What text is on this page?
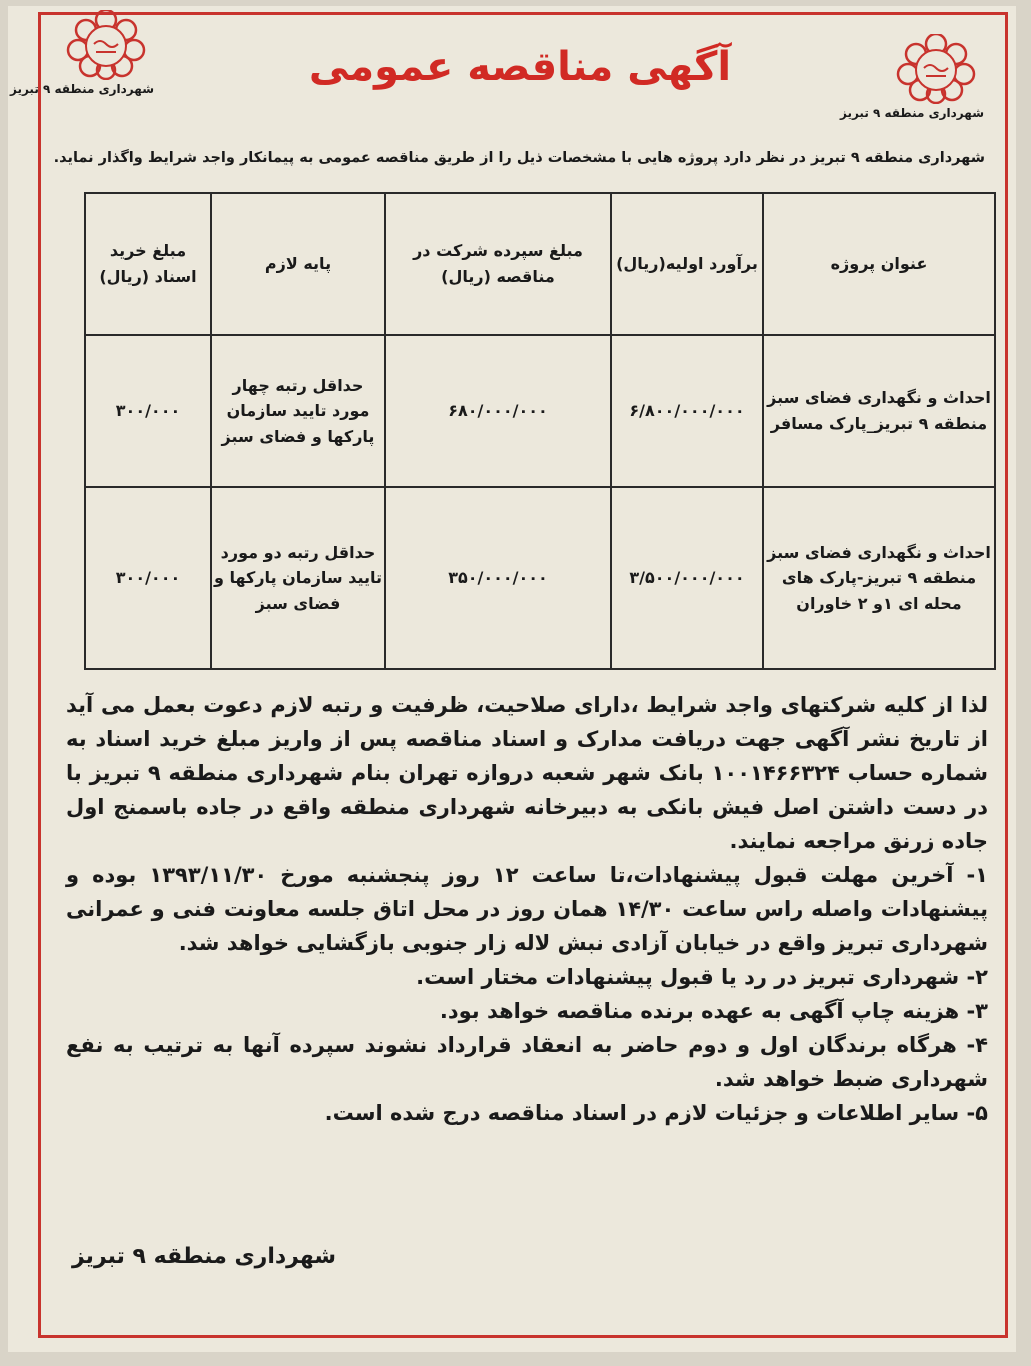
شهرداری منطقه ۹ تبریز
شهرداری منطقه ۹ تبریز
آگهی مناقصه عمومی
شهرداری منطقه ۹ تبریز در نظر دارد پروژه هایی با مشخصات ذیل را از طریق مناقصه عمومی به پیمانکار واجد شرایط واگذار نماید.
عنوان پروژه	برآورد اولیه(ریال)	مبلغ سپرده شرکت در مناقصه (ریال)	پایه لازم	مبلغ خرید اسناد (ریال)
احداث و نگهداری فضای سبز منطقه ۹ تبریز_پارک مسافر	۶/۸۰۰/۰۰۰/۰۰۰	۶۸۰/۰۰۰/۰۰۰	حداقل رتبه چهار مورد تایید سازمان پارکها و فضای سبز	۳۰۰/۰۰۰
احداث و نگهداری فضای سبز منطقه ۹ تبریز-پارک های محله ای ۱و ۲ خاوران	۳/۵۰۰/۰۰۰/۰۰۰	۳۵۰/۰۰۰/۰۰۰	حداقل رتبه دو مورد تایید سازمان پارکها و فضای سبز	۳۰۰/۰۰۰

لذا از کلیه شرکتهای واجد شرایط ،دارای صلاحیت، ظرفیت و رتبه لازم دعوت بعمل می آید از تاریخ نشر آگهی جهت دریافت مدارک و اسناد مناقصه پس از واریز مبلغ خرید اسناد به شماره حساب ۱۰۰۱۴۶۶۳۲۴ بانک شهر شعبه دروازه تهران بنام شهرداری منطقه ۹ تبریز با در دست داشتن اصل فیش بانکی به دبیرخانه شهرداری منطقه واقع در جاده باسمنج اول جاده زرنق مراجعه نمایند.

۱- آخرین مهلت قبول پیشنهادات،تا ساعت ۱۲ روز پنجشنبه مورخ ۱۳۹۳/۱۱/۳۰ بوده و پیشنهادات واصله راس ساعت ۱۴/۳۰ همان روز در محل اتاق جلسه معاونت فنی و عمرانی شهرداری تبریز واقع در خیابان آزادی نبش لاله زار جنوبی بازگشایی خواهد شد.

۲- شهرداری تبریز در رد یا قبول پیشنهادات مختار است.

۳- هزینه چاپ آگهی به عهده برنده مناقصه خواهد بود.

۴- هرگاه برندگان اول و دوم حاضر به انعقاد قرارداد نشوند سپرده آنها به ترتیب به نفع شهرداری ضبط خواهد شد.

۵- سایر اطلاعات و جزئیات لازم در اسناد مناقصه درج شده است.

شهرداری منطقه ۹ تبریز
